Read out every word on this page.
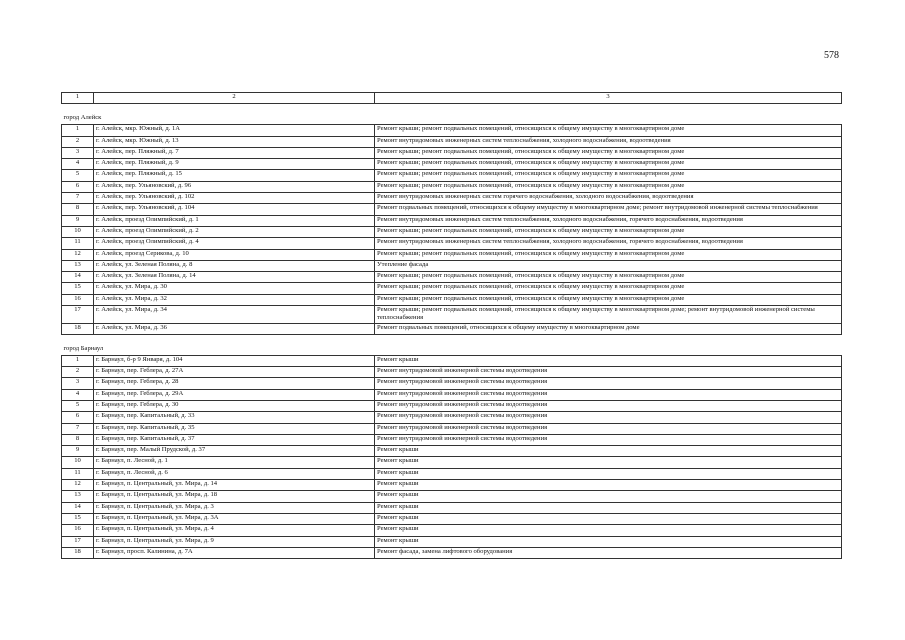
578
1	2	3
город Алейск		
1	г. Алейск, мкр. Южный, д. 1А	Ремонт крыши; ремонт подвальных помещений, относящихся к общему имуществу в многоквартирном доме
2	г. Алейск, мкр. Южный, д. 13	Ремонт внутридомовых инженерных систем теплоснабжения, холодного водоснабжения, водоотведения
3	г. Алейск, пер. Пляжный, д. 7	Ремонт крыши; ремонт подвальных помещений, относящихся к общему имуществу в многоквартирном доме
4	г. Алейск, пер. Пляжный, д. 9	Ремонт крыши; ремонт подвальных помещений, относящихся к общему имуществу в многоквартирном доме
5	г. Алейск, пер. Пляжный, д. 15	Ремонт крыши; ремонт подвальных помещений, относящихся к общему имуществу в многоквартирном доме
6	г. Алейск, пер. Ульяновский, д. 96	Ремонт крыши; ремонт подвальных помещений, относящихся к общему имуществу в многоквартирном доме
7	г. Алейск, пер. Ульяновский, д. 102	Ремонт внутридомовых инженерных систем горячего водоснабжения, холодного водоснабжения, водоотведения
8	г. Алейск, пер. Ульяновский, д. 104	Ремонт подвальных помещений, относящихся к общему имуществу в многоквартирном доме; ремонт внутридомовой инженерной системы теплоснабжения
9	г. Алейск, проезд Олимпийский, д. 1	Ремонт внутридомовых инженерных систем теплоснабжения, холодного водоснабжения, горячего водоснабжения, водоотведения
10	г. Алейск, проезд Олимпийский, д. 2	Ремонт крыши; ремонт подвальных помещений, относящихся к общему имуществу в многоквартирном доме
11	г. Алейск, проезд Олимпийский, д. 4	Ремонт внутридомовых инженерных систем теплоснабжения, холодного водоснабжения, горячего водоснабжения, водоотведения
12	г. Алейск, проезд Серикова, д. 10	Ремонт крыши; ремонт подвальных помещений, относящихся к общему имуществу в многоквартирном доме
13	г. Алейск, ул. Зеленая Поляна, д. 8	Утепление фасада
14	г. Алейск, ул. Зеленая Поляна, д. 14	Ремонт крыши; ремонт подвальных помещений, относящихся к общему имуществу в многоквартирном доме
15	г. Алейск, ул. Мира, д. 30	Ремонт крыши; ремонт подвальных помещений, относящихся к общему имуществу в многоквартирном доме
16	г. Алейск, ул. Мира, д. 32	Ремонт крыши; ремонт подвальных помещений, относящихся к общему имуществу в многоквартирном доме
17	г. Алейск, ул. Мира, д. 34	Ремонт крыши; ремонт подвальных помещений, относящихся к общему имуществу в многоквартирном доме; ремонт внутридомовой инженерной системы теплоснабжения
18	г. Алейск, ул. Мира, д. 36	Ремонт подвальных помещений, относящихся к общему имуществу в многоквартирном доме
город Барнаул		
1	г. Барнаул, б-р 9 Января, д. 104	Ремонт крыши
2	г. Барнаул, пер. Геблера, д. 27А	Ремонт внутридомовой инженерной системы водоотведения
3	г. Барнаул, пер. Геблера, д. 28	Ремонт внутридомовой инженерной системы водоотведения
4	г. Барнаул, пер. Геблера, д. 29А	Ремонт внутридомовой инженерной системы водоотведения
5	г. Барнаул, пер. Геблера, д. 30	Ремонт внутридомовой инженерной системы водоотведения
6	г. Барнаул, пер. Капитальный, д. 33	Ремонт внутридомовой инженерной системы водоотведения
7	г. Барнаул, пер. Капитальный, д. 35	Ремонт внутридомовой инженерной системы водоотведения
8	г. Барнаул, пер. Капитальный, д. 37	Ремонт внутридомовой инженерной системы водоотведения
9	г. Барнаул, пер. Малый Прудской, д. 37	Ремонт крыши
10	г. Барнаул, п. Лесной, д. 1	Ремонт крыши
11	г. Барнаул, п. Лесной, д. 6	Ремонт крыши
12	г. Барнаул, п. Центральный, ул. Мира, д. 14	Ремонт крыши
13	г. Барнаул, п. Центральный, ул. Мира, д. 18	Ремонт крыши
14	г. Барнаул, п. Центральный, ул. Мира, д. 3	Ремонт крыши
15	г. Барнаул, п. Центральный, ул. Мира, д. 3А	Ремонт крыши
16	г. Барнаул, п. Центральный, ул. Мира, д. 4	Ремонт крыши
17	г. Барнаул, п. Центральный, ул. Мира, д. 9	Ремонт крыши
18	г. Барнаул, просп. Калинина, д. 7А	Ремонт фасада, замена лифтового оборудования
